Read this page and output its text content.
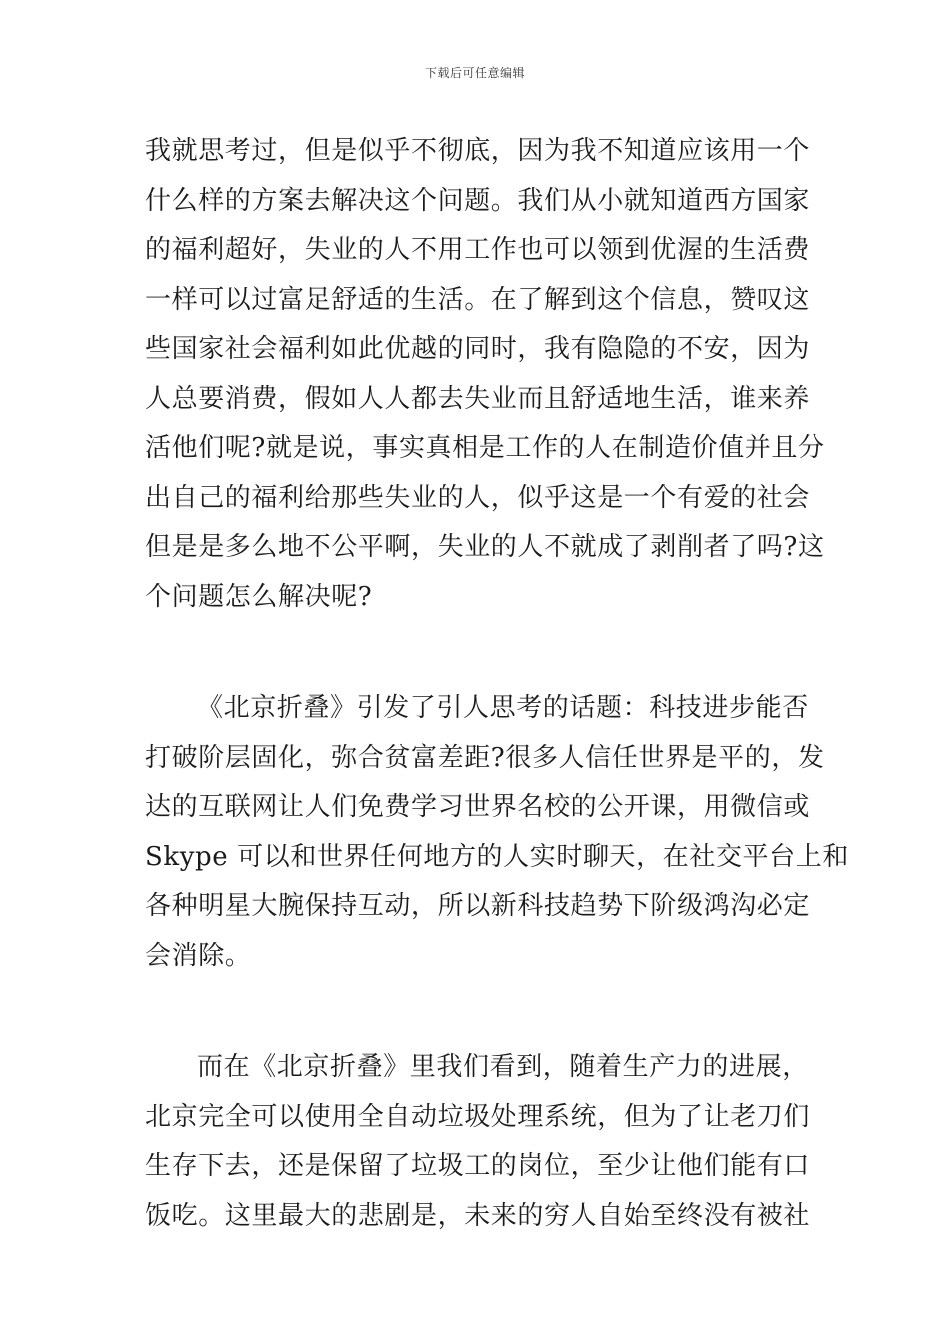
下载后可任意编辑
我就思考过，但是似乎不彻底，因为我不知道应该用一个
什么样的方案去解决这个问题。我们从小就知道西方国家
的福利超好，失业的人不用工作也可以领到优渥的生活费
一样可以过富足舒适的生活。在了解到这个信息，赞叹这
些国家社会福利如此优越的同时，我有隐隐的不安，因为
人总要消费，假如人人都去失业而且舒适地生活，谁来养
活他们呢?就是说，事实真相是工作的人在制造价值并且分
出自己的福利给那些失业的人，似乎这是一个有爱的社会
但是是多么地不公平啊，失业的人不就成了剥削者了吗?这
个问题怎么解决呢?
《北京折叠》引发了引人思考的话题：科技进步能否
打破阶层固化，弥合贫富差距?很多人信任世界是平的，发
达的互联网让人们免费学习世界名校的公开课，用微信或
Skype 可以和世界任何地方的人实时聊天，在社交平台上和
各种明星大腕保持互动，所以新科技趋势下阶级鸿沟必定
会消除。
而在《北京折叠》里我们看到，随着生产力的进展，
北京完全可以使用全自动垃圾处理系统，但为了让老刀们
生存下去，还是保留了垃圾工的岗位，至少让他们能有口
饭吃。这里最大的悲剧是，未来的穷人自始至终没有被社
